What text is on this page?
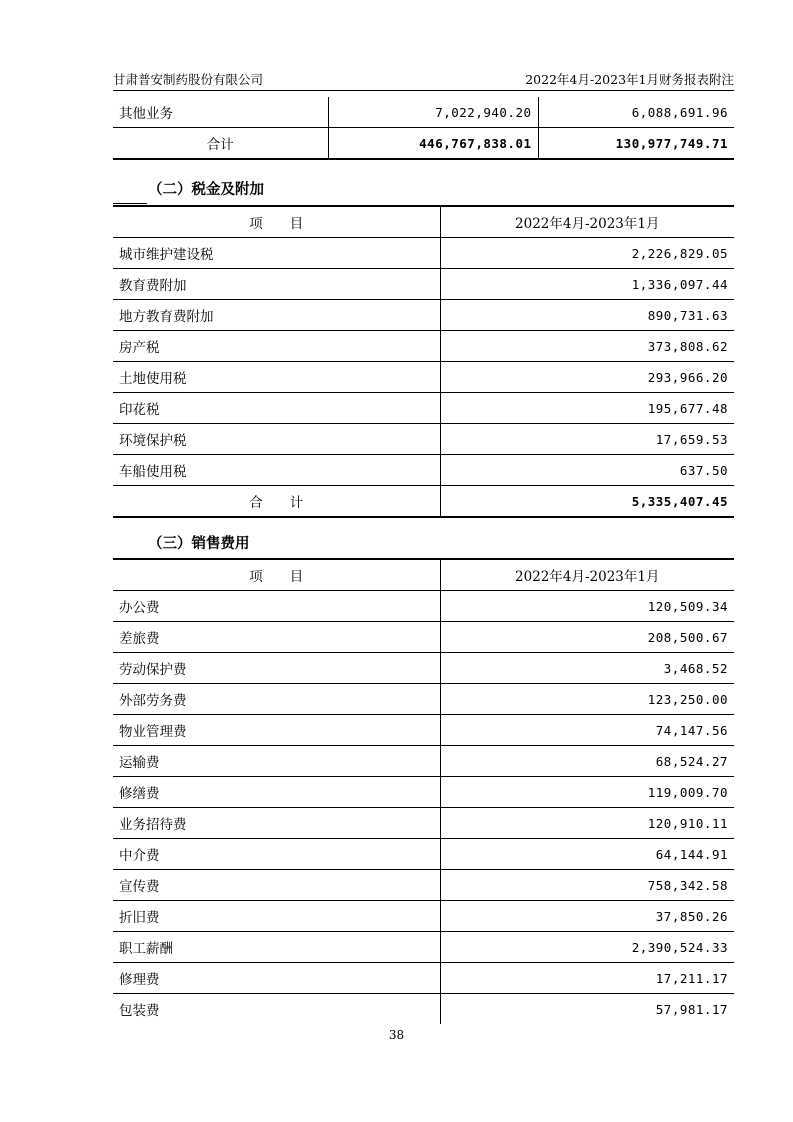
甘肃普安制药股份有限公司	2022年4月-2023年1月财务报表附注
其他业务	7,022,940.20	6,088,691.96
合计	446,767,838.01	130,977,749.71
（二）税金及附加
项　　目	2022年4月-2023年1月
城市维护建设税	2,226,829.05
教育费附加	1,336,097.44
地方教育费附加	890,731.63
房产税	373,808.62
土地使用税	293,966.20
印花税	195,677.48
环境保护税	17,659.53
车船使用税	637.50
合　　计	5,335,407.45
（三）销售费用
项　　目	2022年4月-2023年1月
办公费	120,509.34
差旅费	208,500.67
劳动保护费	3,468.52
外部劳务费	123,250.00
物业管理费	74,147.56
运输费	68,524.27
修缮费	119,009.70
业务招待费	120,910.11
中介费	64,144.91
宣传费	758,342.58
折旧费	37,850.26
职工薪酬	2,390,524.33
修理费	17,211.17
包装费	57,981.17
38
